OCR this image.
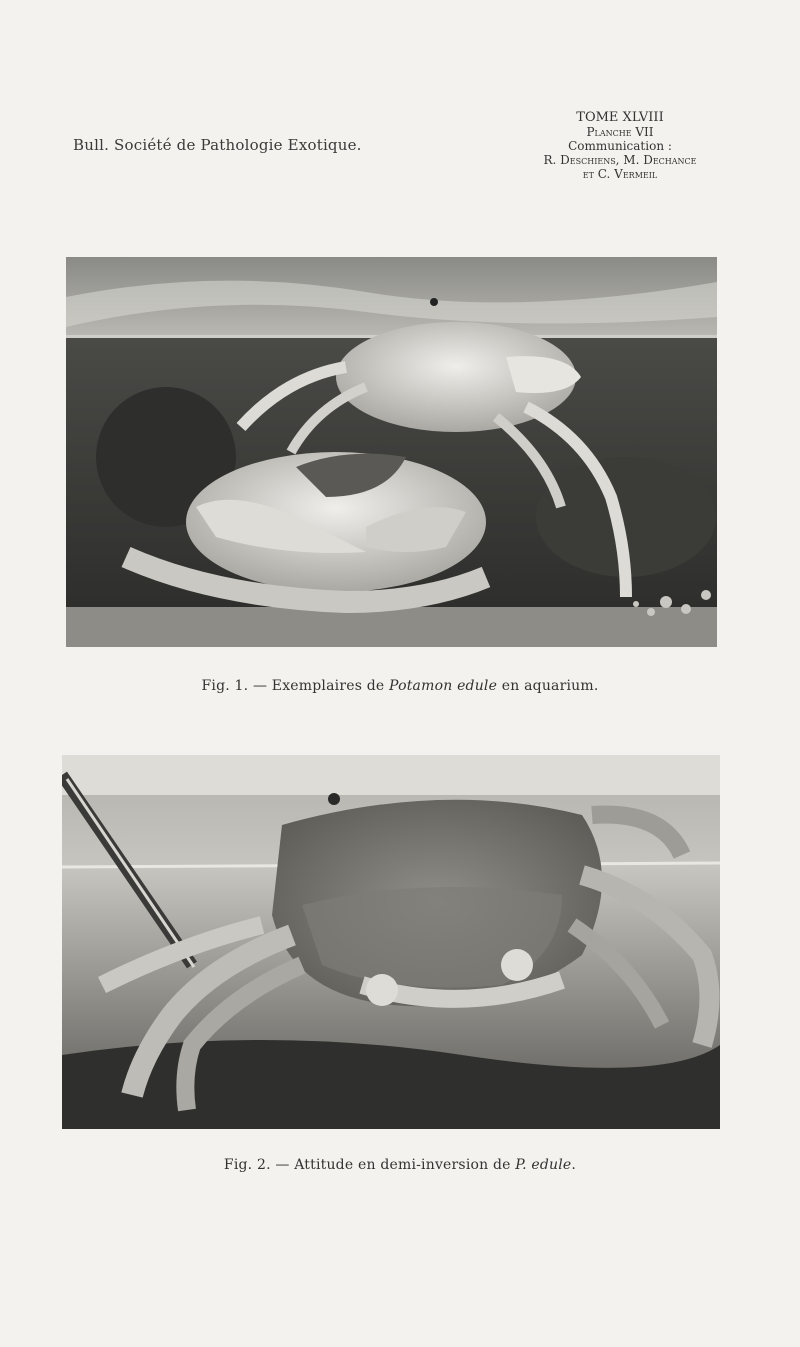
Bull. Société de Pathologie Exotique.
TOME XLVIII
Planche VII
Communication :
R. Deschiens, M. Dechance
et C. Vermeil
Fig. 1. — Exemplaires de Potamon edule en aquarium.
Fig. 2. — Attitude en demi-inversion de P. edule.
